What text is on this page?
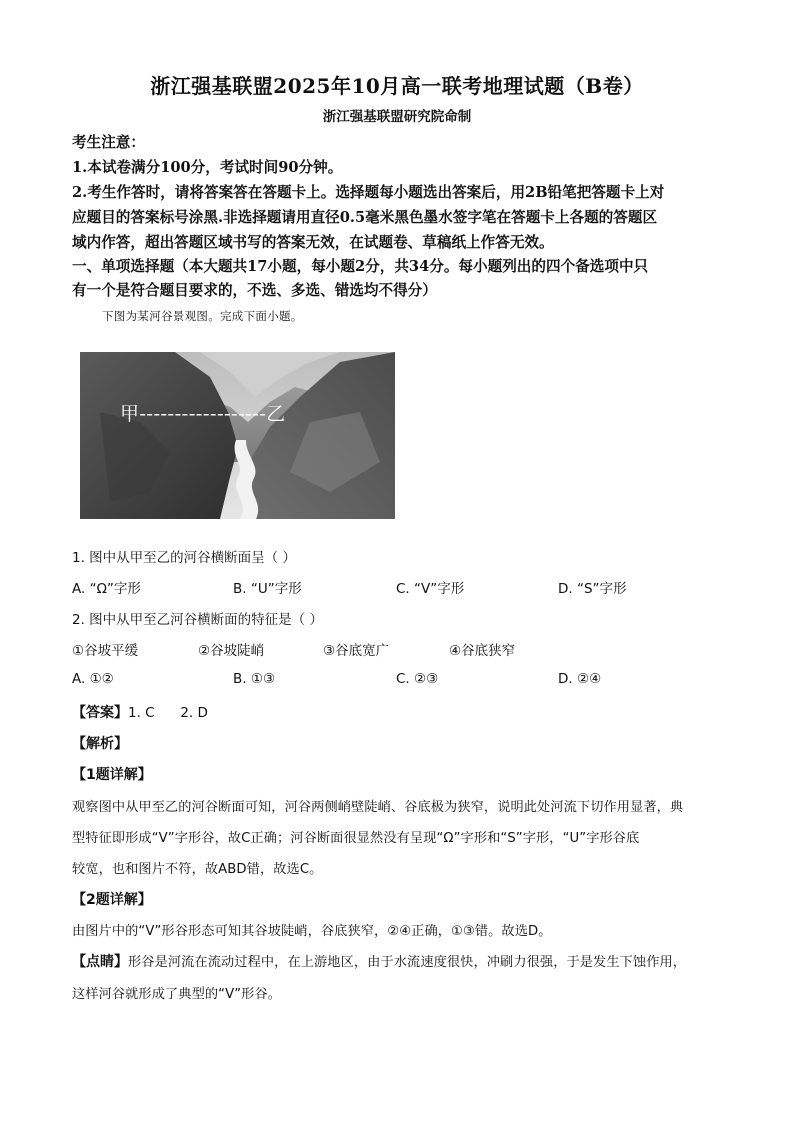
浙江强基联盟2025年10月高一联考地理试题（B卷）
浙江强基联盟研究院命制
考生注意：
1.本试卷满分100分，考试时间90分钟。
2.考生作答时，请将答案答在答题卡上。选择题每小题选出答案后，用2B铅笔把答题卡上对
应题目的答案标号涂黑.非选择题请用直径0.5毫米黑色墨水签字笔在答题卡上各题的答题区
域内作答，超出答题区域书写的答案无效，在试题卷、草稿纸上作答无效。
一、单项选择题（本大题共17小题，每小题2分，共34分。每小题列出的四个备选项中只
有一个是符合题目要求的，不选、多选、错选均不得分）
下图为某河谷景观图。完成下面小题。
甲------------------乙
1. 图中从甲至乙的河谷横断面呈（ ）
A. “Ω”字形	B. “U”字形	C. “V”字形	D. “S”字形
2. 图中从甲至乙河谷横断面的特征是（ ）
①谷坡平缓	②谷坡陡峭	③谷底宽广	④谷底狭窄
A. ①②	B. ①③	C. ②③	D. ②④
【答案】1. C      2. D
【解析】
【1题详解】
观察图中从甲至乙的河谷断面可知，河谷两侧峭壁陡峭、谷底极为狭窄，说明此处河流下切作用显著，典
型特征即形成“V”字形谷，故C正确；河谷断面很显然没有呈现“Ω”字形和“S”字形，“U”字形谷底
较宽，也和图片不符，故ABD错，故选C。
【2题详解】
由图片中的“V”形谷形态可知其谷坡陡峭，谷底狭窄，②④正确，①③错。故选D。
【点睛】形谷是河流在流动过程中，在上游地区，由于水流速度很快，冲刷力很强，于是发生下蚀作用，
这样河谷就形成了典型的“V”形谷。
